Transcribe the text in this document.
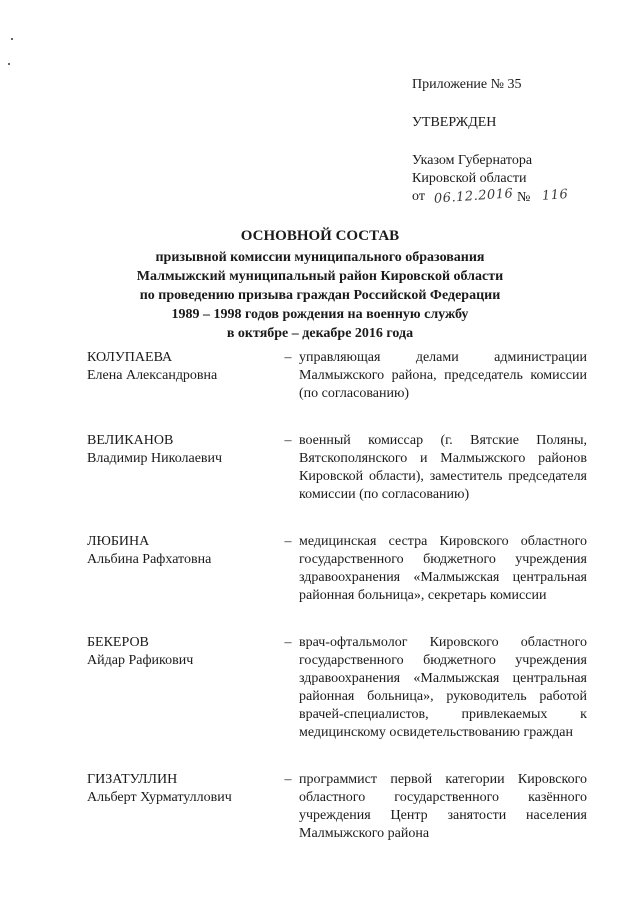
Приложение № 35
УТВЕРЖДЕН
Указом Губернатора
Кировской области
от 06.12.2016 № 116
ОСНОВНОЙ СОСТАВ
призывной комиссии муниципального образования
Малмыжский муниципальный район Кировской области
по проведению призыва граждан Российской Федерации
1989 – 1998 годов рождения на военную службу
в октябре – декабре 2016 года
КОЛУПАЕВА
Елена Александровна
– управляющая делами администрации Малмыжского района, председатель комиссии (по согласованию)
ВЕЛИКАНОВ
Владимир Николаевич
– военный комиссар (г. Вятские Поляны, Вятскополянского и Малмыжского районов Кировской области), заместитель председателя комиссии (по согласованию)
ЛЮБИНА
Альбина Рафхатовна
– медицинская сестра Кировского областного государственного бюджетного учреждения здравоохранения «Малмыжская центральная районная больница», секретарь комиссии
БЕКЕРОВ
Айдар Рафикович
– врач-офтальмолог Кировского областного государственного бюджетного учреждения здравоохранения «Малмыжская центральная районная больница», руководитель работой врачей-специалистов, привлекаемых к медицинскому освидетельствованию граждан
ГИЗАТУЛЛИН
Альберт Хурматуллович
– программист первой категории Кировского областного государственного казённого учреждения Центр занятости населения Малмыжского района
